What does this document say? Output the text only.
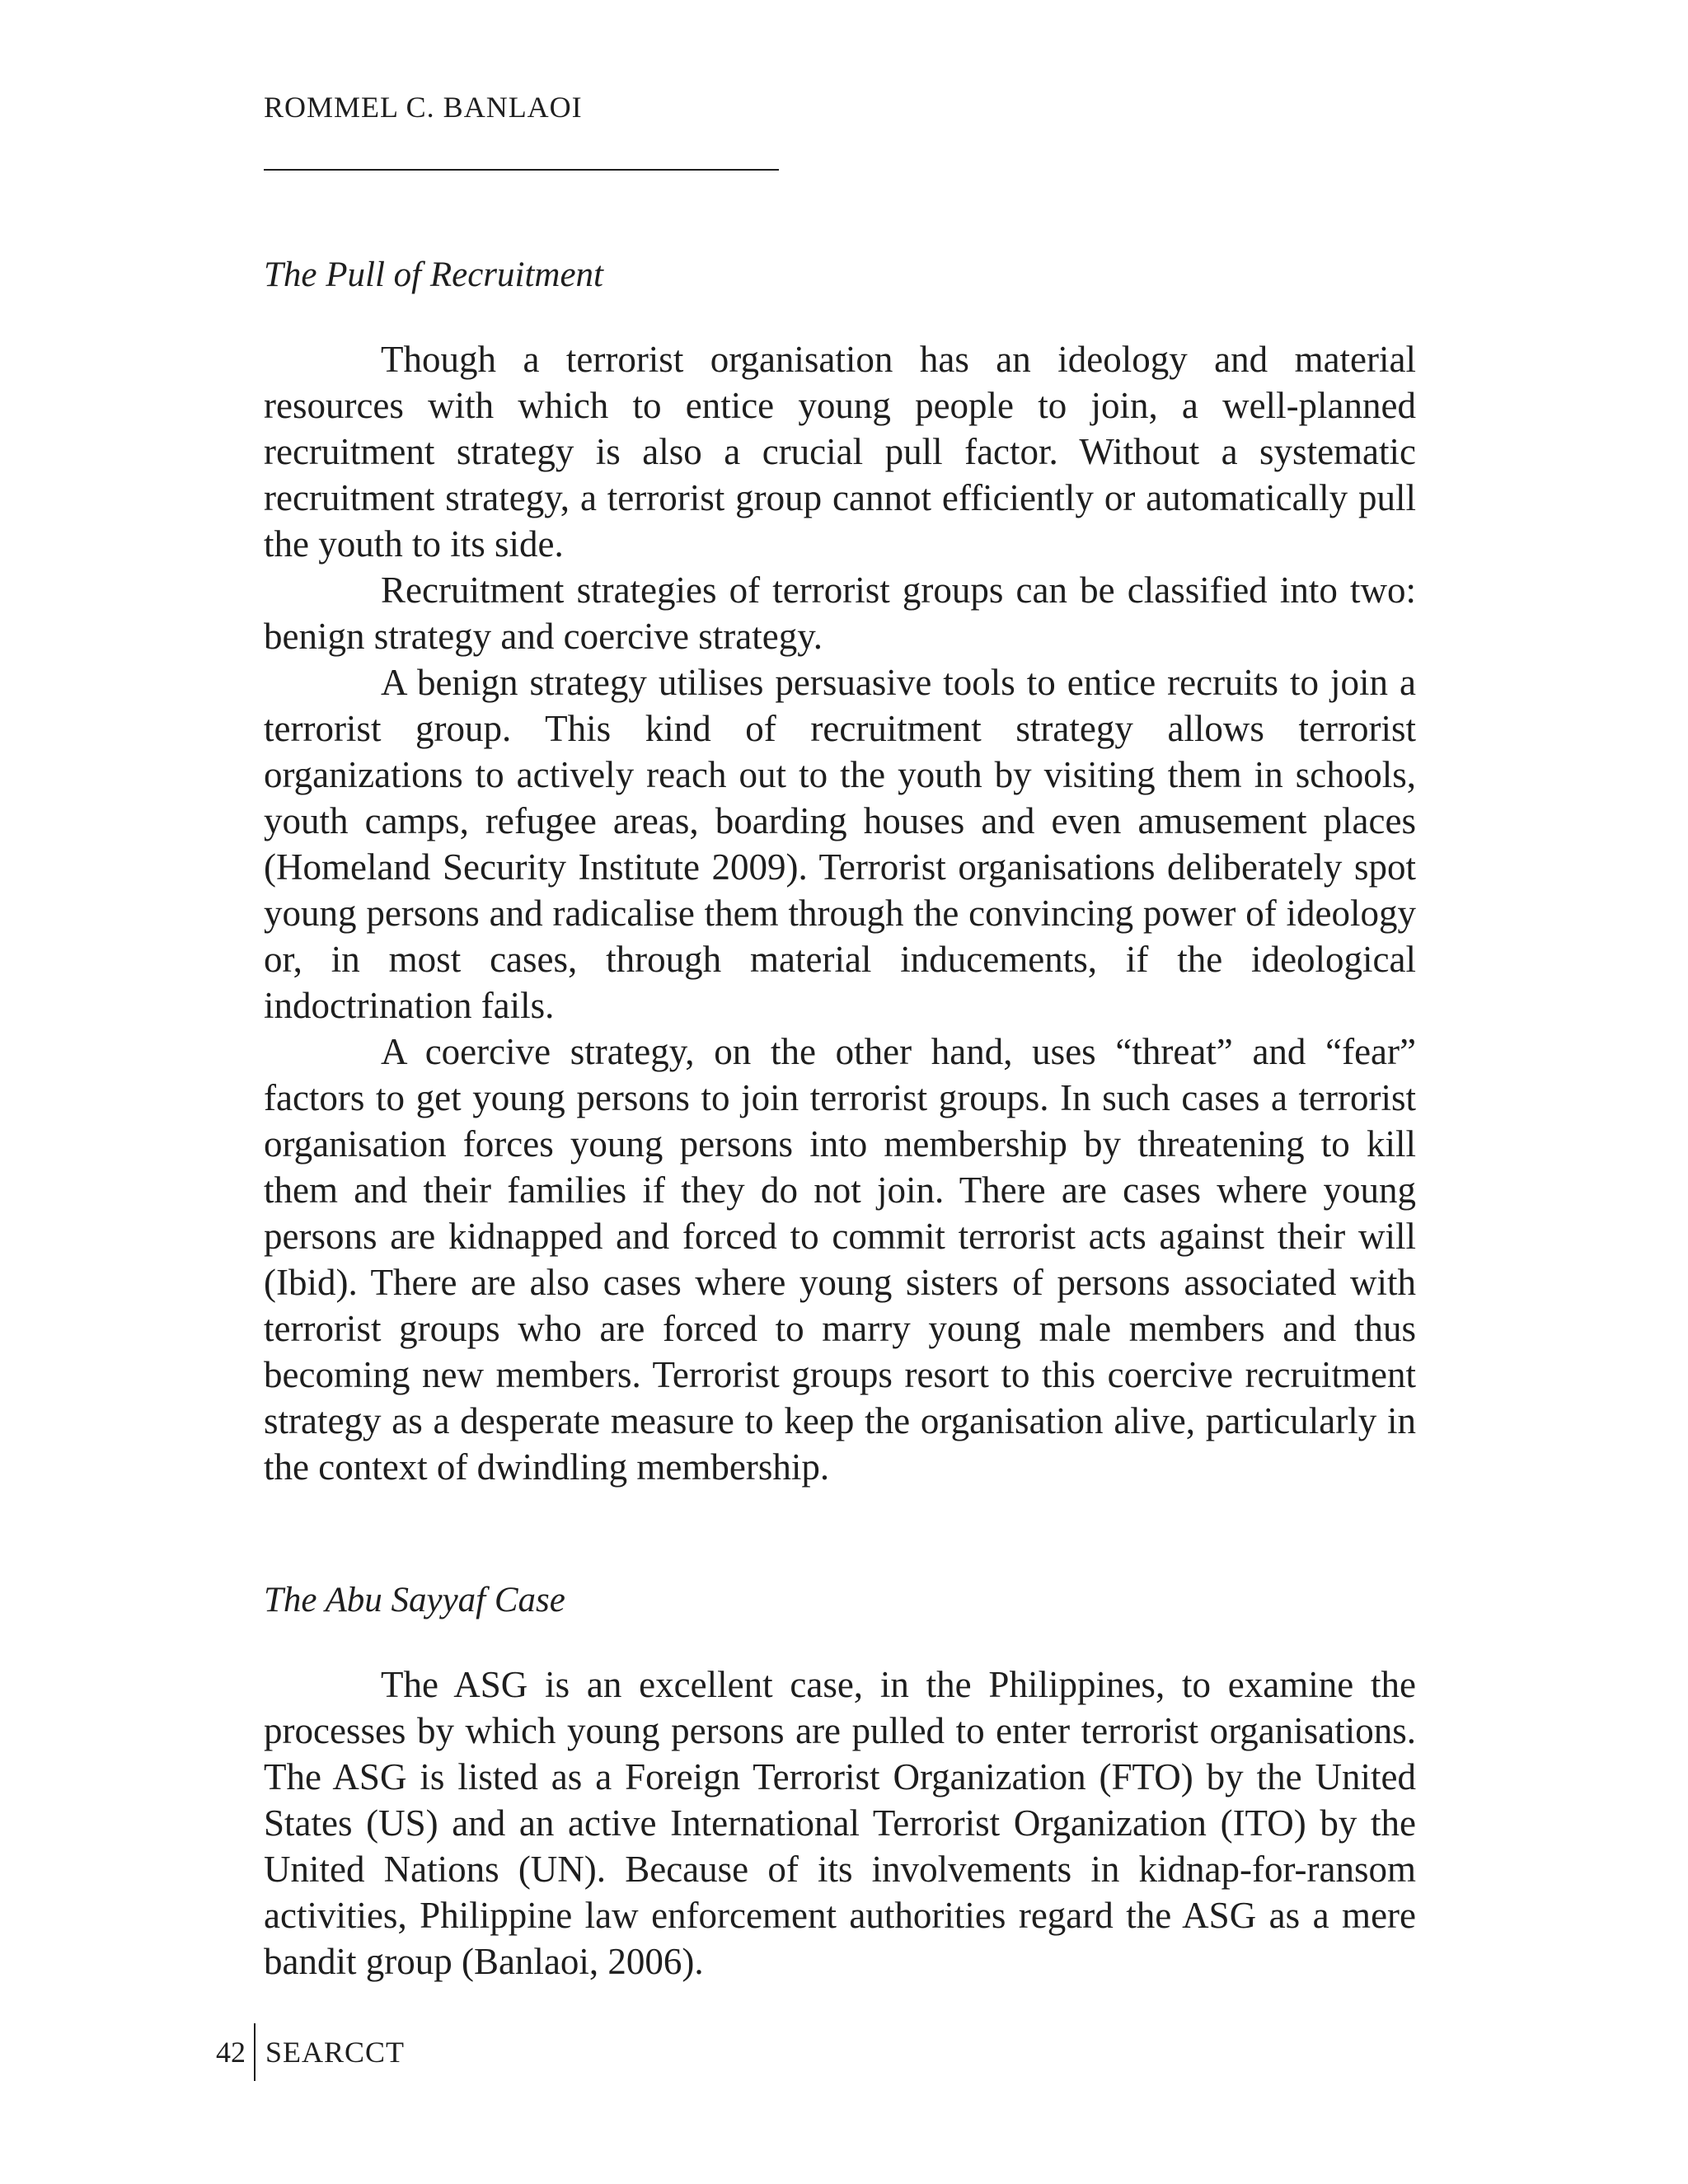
ROMMEL C. BANLAOI

The Pull of Recruitment

Though a terrorist organisation has an ideology and material resources with which to entice young people to join, a well-planned recruitment strategy is also a crucial pull factor. Without a systematic recruitment strategy, a terrorist group cannot efficiently or automatically pull the youth to its side.

Recruitment strategies of terrorist groups can be classified into two: benign strategy and coercive strategy.

A benign strategy utilises persuasive tools to entice recruits to join a terrorist group. This kind of recruitment strategy allows terrorist organizations to actively reach out to the youth by visiting them in schools, youth camps, refugee areas, boarding houses and even amusement places (Homeland Security Institute 2009). Terrorist organisations deliberately spot young persons and radicalise them through the convincing power of ideology or, in most cases, through material inducements, if the ideological indoctrination fails.

A coercive strategy, on the other hand, uses “threat” and “fear” factors to get young persons to join terrorist groups. In such cases a terrorist organisation forces young persons into membership by threatening to kill them and their families if they do not join. There are cases where young persons are kidnapped and forced to commit terrorist acts against their will (Ibid). There are also cases where young sisters of persons associated with terrorist groups who are forced to marry young male members and thus becoming new members. Terrorist groups resort to this coercive recruitment strategy as a desperate measure to keep the organisation alive, particularly in the context of dwindling membership.

The Abu Sayyaf Case

The ASG is an excellent case, in the Philippines, to examine the processes by which young persons are pulled to enter terrorist organisations. The ASG is listed as a Foreign Terrorist Organization (FTO) by the United States (US) and an active International Terrorist Organization (ITO) by the United Nations (UN). Because of its involvements in kidnap-for-ransom activities, Philippine law enforcement authorities regard the ASG as a mere bandit group (Banlaoi, 2006).

42 SEARCCT
